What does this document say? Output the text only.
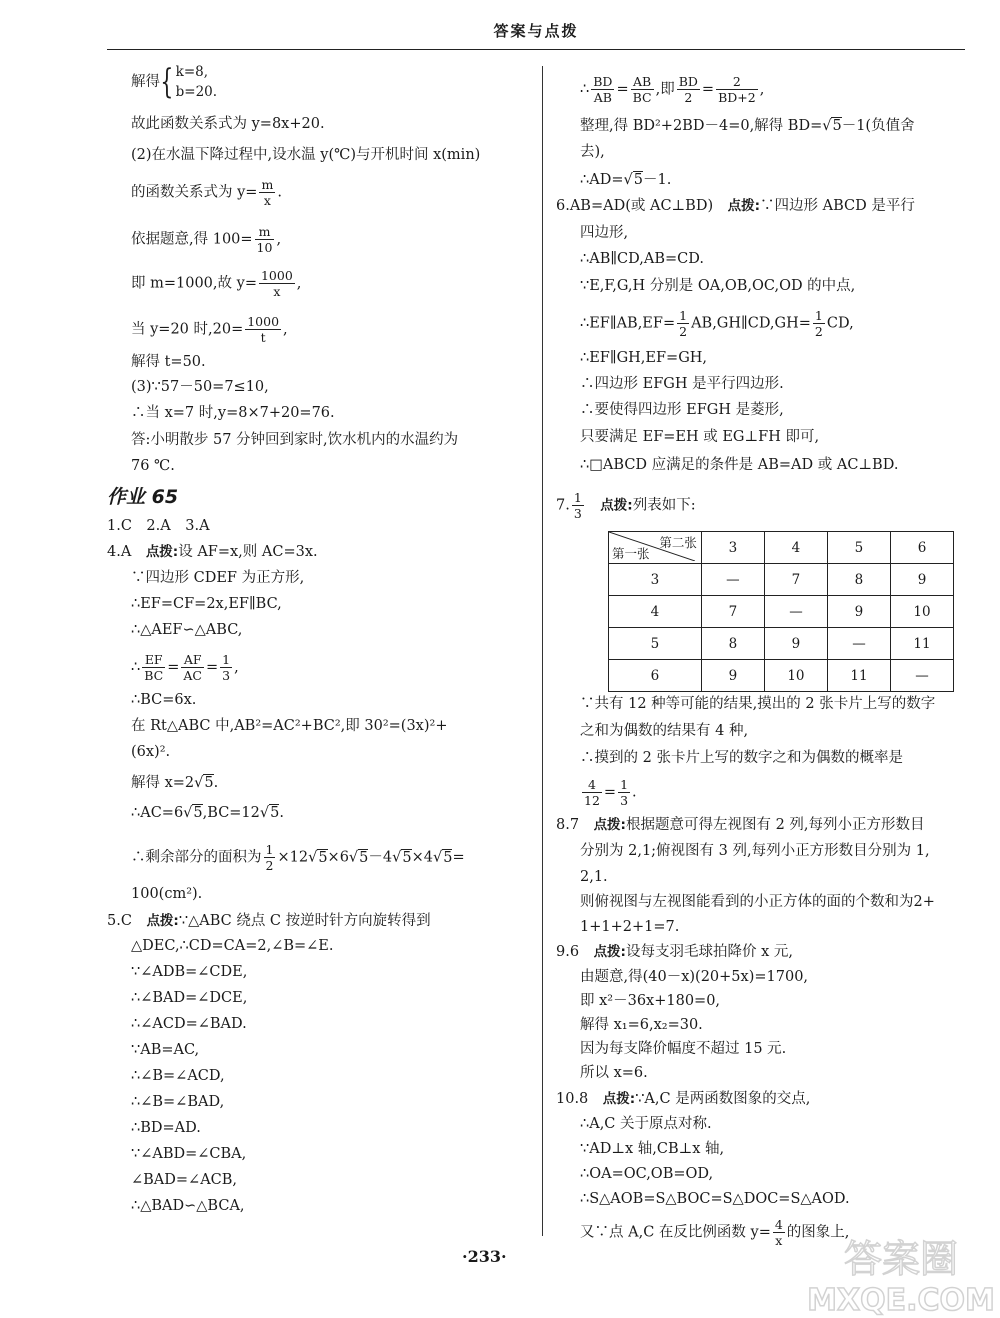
答案与点拨
解得{ k=8,
b=20.
故此函数关系式为 y=8x+20.
(2)在水温下降过程中,设水温 y(℃)与开机时间 x(min)
的函数关系式为 $y= \frac{m}{x}$ .
依据题意,得 $100= \frac{m}{10}$ ,
即 m=1000,故 $y= \frac{1000}{x}$ ,
当 y=20 时$,20= \frac{1000}{t}$ ,
解得 t=50.
(3)∵57－50=7≤10,
∴当 x=7 时,y=8×7+20=76.
答:小明散步 57 分钟回到家时,饮水机内的水温约为
76 ℃.
作业 65
1.C　2.A　3.A
4.A　 点拨:设 AF=x,则 AC=3x.
∵四边形 CDEF 为正方形,
∴EF=CF=2x,EF∥BC,
∴△AEF∽△ABC,
∴ $\frac{EF}{BC} = \frac{AF}{AC} = \frac{1}{3}$ ,
∴BC=6x.
在 Rt△ABC 中,AB²=AC²+BC²,即 30²=(3x)²+
(6x)².
解得 x=2√5.
∴AC=6√5,BC=12√5.
∴剩余部分的面积为 $\frac{1}{2} \times 12√5\times 6√5-4√5\times 4√5=$
100(cm²).
5.C　 点拨:∵△ABC 绕点 C 按逆时针方向旋转得到
△DEC,∴CD=CA=2,∠B=∠E.
∵∠ADB=∠CDE,
∴∠BAD=∠DCE,
∴∠ACD=∠BAD.
∵AB=AC,
∴∠B=∠ACD,
∴∠B=∠BAD,
∴BD=AD.
∵∠ABD=∠CBA,
∠BAD=∠ACB,
∴△BAD∽△BCA,
∴ $\frac{BD}{AB} = \frac{AB}{BC}$ ,即 $\frac{BD}{2} = \frac{2}{BD+2}$ ,
整理,得 BD²+2BD－4=0,解得 BD=√5－1(负值舍
去),
∴AD=√5－1.
6.AB=AD(或 AC⊥BD)　 点拨:∵四边形 ABCD 是平行
四边形,
∴AB∥CD,AB=CD.
∵E,F,G,H 分别是 OA,OB,OC,OD 的中点,
∴EF∥AB,EF= $\frac{1}{2}$ AB,GH∥CD,GH= $\frac{1}{2}$ CD,
∴EF∥GH,EF=GH,
∴四边形 EFGH 是平行四边形.
∴要使得四边形 EFGH 是菱形,
只要满足 EF=EH 或 EG⊥FH 即可,
∴□ABCD 应满足的条件是 AB=AD 或 AC⊥BD.
7. $\frac{1}{3}$
　 点拨:列表如下:
第二张
第一张	3	4	5	6
3	—	7	8	9
4	7	—	9	10
5	8	9	—	11
6	9	10	11	—
∵共有 12 种等可能的结果,摸出的 2 张卡片上写的数字
之和为偶数的结果有 4 种,
∴摸到的 2 张卡片上写的数字之和为偶数的概率是
$\frac{4}{12} = \frac{1}{3}$ .
8.7　 点拨:根据题意可得左视图有 2 列,每列小正方形数目
分别为 2,1;俯视图有 3 列,每列小正方形数目分别为 1,
2,1.
则俯视图与左视图能看到的小正方体的面的个数和为2+
1+1+2+1=7.
9.6　 点拨:设每支羽毛球拍降价 x 元,
由题意,得(40－x)(20+5x)=1700,
即 x²－36x+180=0,
解得 x₁=6,x₂=30.
因为每支降价幅度不超过 15 元.
所以 x=6.
10.8　 点拨:∵A,C 是两函数图象的交点,
∴A,C 关于原点对称.
∵AD⊥x 轴,CB⊥x 轴,
∴OA=OC,OB=OD,
∴S△AOB=S△BOC=S△DOC=S△AOD.
又∵点 A,C 在反比例函数 $y= \frac{4}{x}$ 的图象上,
·233·	答案圈
MXQE.COM
